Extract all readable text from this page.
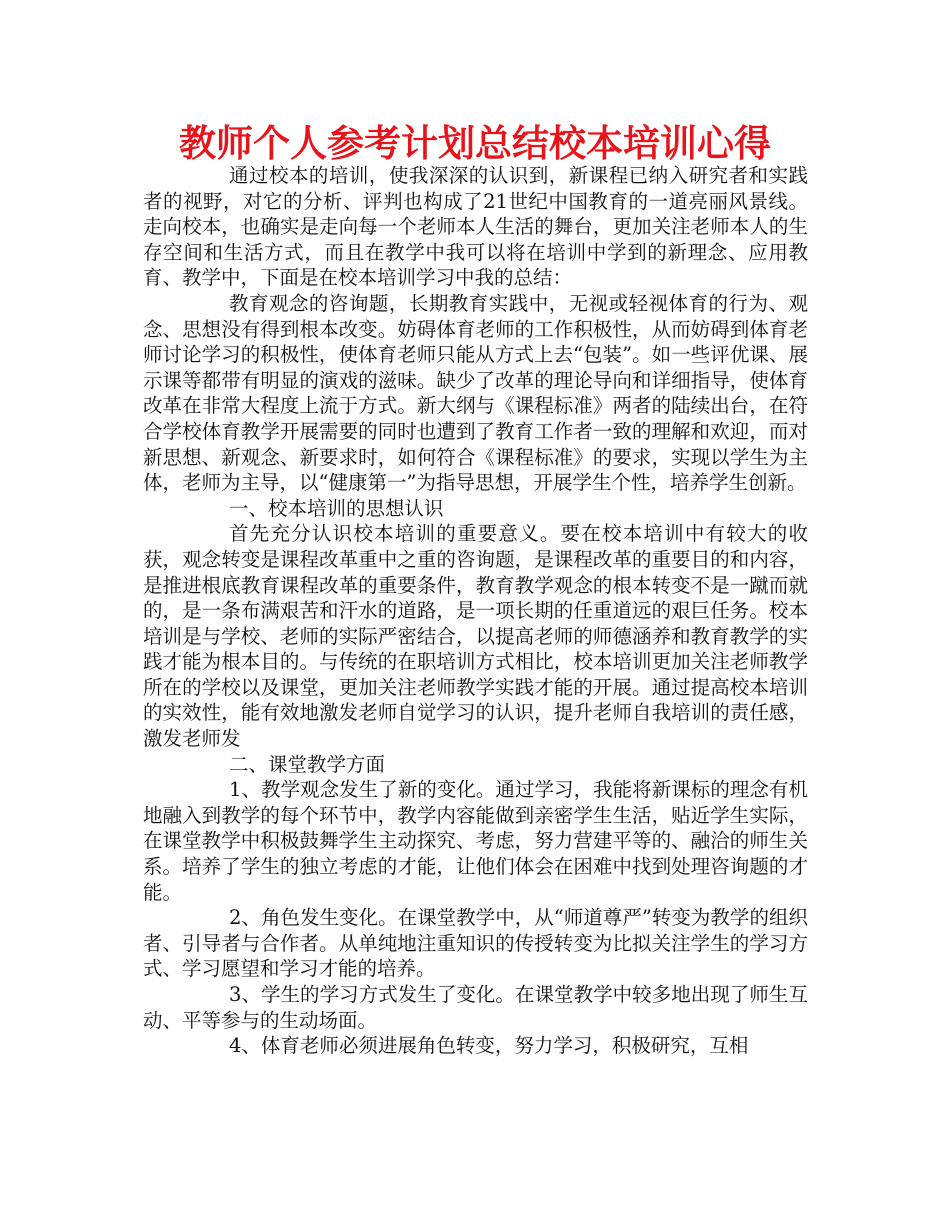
教师个人参考计划总结校本培训心得

通过校本的培训，使我深深的认识到，新课程已纳入研究者和实践者的视野，对它的分析、评判也构成了21世纪中国教育的一道亮丽风景线。走向校本，也确实是走向每一个老师本人生活的舞台，更加关注老师本人的生存空间和生活方式，而且在教学中我可以将在培训中学到的新理念、应用教育、教学中，下面是在校本培训学习中我的总结：

教育观念的咨询题，长期教育实践中，无视或轻视体育的行为、观念、思想没有得到根本改变。妨碍体育老师的工作积极性，从而妨碍到体育老师讨论学习的积极性，使体育老师只能从方式上去“包装”。如一些评优课、展示课等都带有明显的演戏的滋味。缺少了改革的理论导向和详细指导，使体育改革在非常大程度上流于方式。新大纲与《课程标准》两者的陆续出台，在符合学校体育教学开展需要的同时也遭到了教育工作者一致的理解和欢迎，而对新思想、新观念、新要求时，如何符合《课程标准》的要求，实现以学生为主体，老师为主导，以“健康第一”为指导思想，开展学生个性，培养学生创新。

一、校本培训的思想认识

首先充分认识校本培训的重要意义。要在校本培训中有较大的收获，观念转变是课程改革重中之重的咨询题，是课程改革的重要目的和内容，是推进根底教育课程改革的重要条件，教育教学观念的根本转变不是一蹴而就的，是一条布满艰苦和汗水的道路，是一项长期的任重道远的艰巨任务。校本培训是与学校、老师的实际严密结合，以提高老师的师德涵养和教育教学的实践才能为根本目的。与传统的在职培训方式相比，校本培训更加关注老师教学所在的学校以及课堂，更加关注老师教学实践才能的开展。通过提高校本培训的实效性，能有效地激发老师自觉学习的认识，提升老师自我培训的责任感，激发老师发

二、课堂教学方面

1、教学观念发生了新的变化。通过学习，我能将新课标的理念有机地融入到教学的每个环节中，教学内容能做到亲密学生生活，贴近学生实际，在课堂教学中积极鼓舞学生主动探究、考虑，努力营建平等的、融洽的师生关系。培养了学生的独立考虑的才能，让他们体会在困难中找到处理咨询题的才能。

2、角色发生变化。在课堂教学中，从“师道尊严”转变为教学的组织者、引导者与合作者。从单纯地注重知识的传授转变为比拟关注学生的学习方式、学习愿望和学习才能的培养。

3、学生的学习方式发生了变化。在课堂教学中较多地出现了师生互动、平等参与的生动场面。

4、体育老师必须进展角色转变，努力学习，积极研究，互相
